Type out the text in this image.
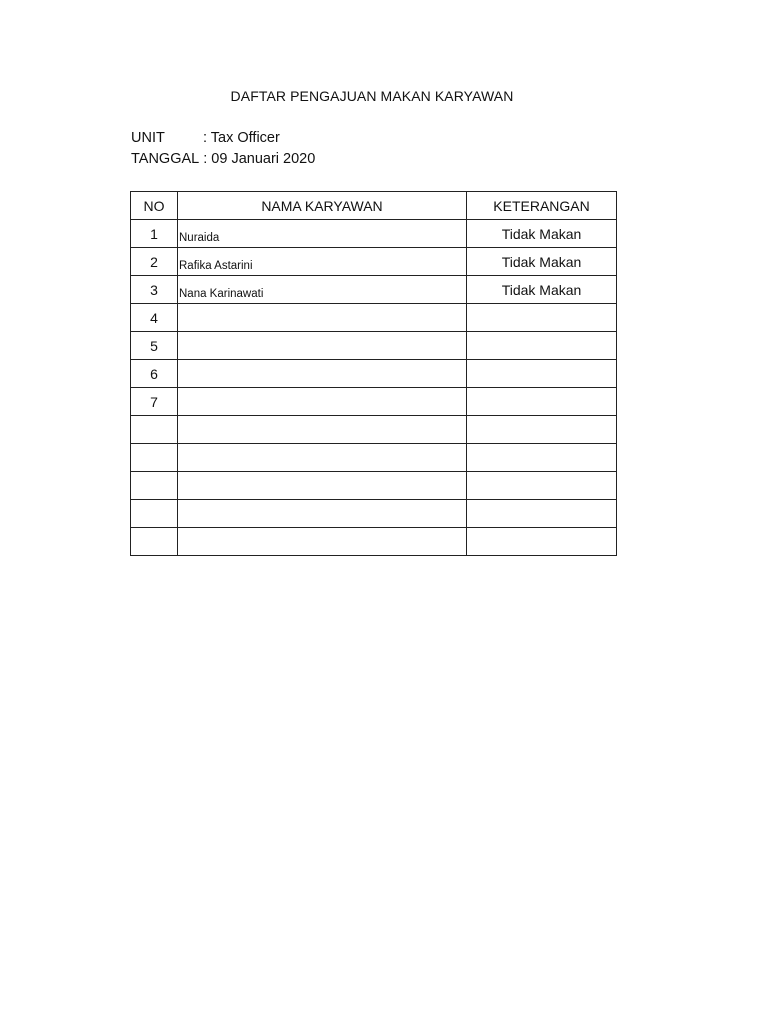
DAFTAR PENGAJUAN MAKAN KARYAWAN
UNIT	: Tax Officer
TANGGAL : 09 Januari 2020
NO	NAMA KARYAWAN	KETERANGAN
1	Nuraida	Tidak Makan
2	Rafika Astarini	Tidak Makan
3	Nana Karinawati	Tidak Makan
4		
5		
6		
7		
